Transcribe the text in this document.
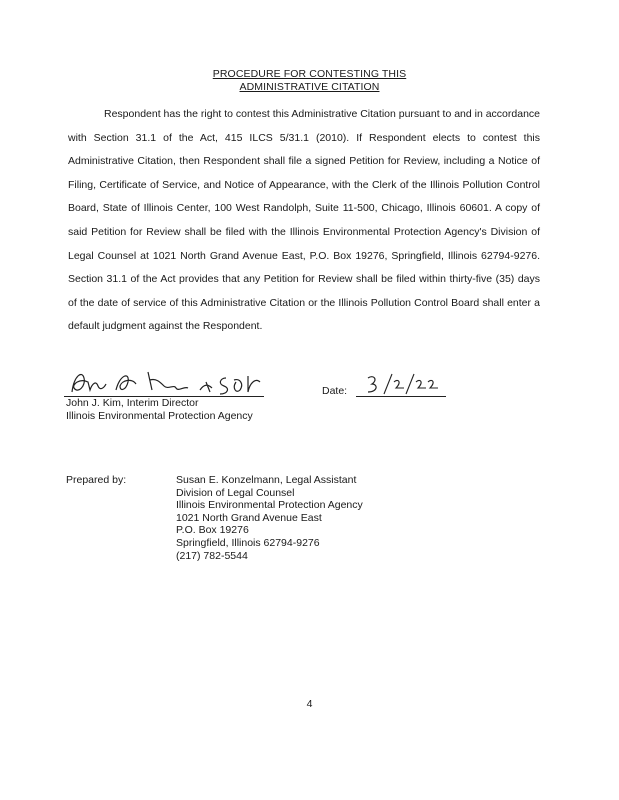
PROCEDURE FOR CONTESTING THIS
ADMINISTRATIVE CITATION

Respondent has the right to contest this Administrative Citation pursuant to and in accordance with Section 31.1 of the Act, 415 ILCS 5/31.1 (2010). If Respondent elects to contest this Administrative Citation, then Respondent shall file a signed Petition for Review, including a Notice of Filing, Certificate of Service, and Notice of Appearance, with the Clerk of the Illinois Pollution Control Board, State of Illinois Center, 100 West Randolph, Suite 11-500, Chicago, Illinois 60601. A copy of said Petition for Review shall be filed with the Illinois Environmental Protection Agency's Division of Legal Counsel at 1021 North Grand Avenue East, P.O. Box 19276, Springfield, Illinois 62794-9276. Section 31.1 of the Act provides that any Petition for Review shall be filed within thirty-five (35) days of the date of service of this Administrative Citation or the Illinois Pollution Control Board shall enter a default judgment against the Respondent.

John J. Kim, Interim Director
Illinois Environmental Protection Agency
Date:
Prepared by:	Susan E. Konzelmann, Legal Assistant
Division of Legal Counsel
Illinois Environmental Protection Agency
1021 North Grand Avenue East
P.O. Box 19276
Springfield, Illinois 62794-9276
(217) 782-5544
4
